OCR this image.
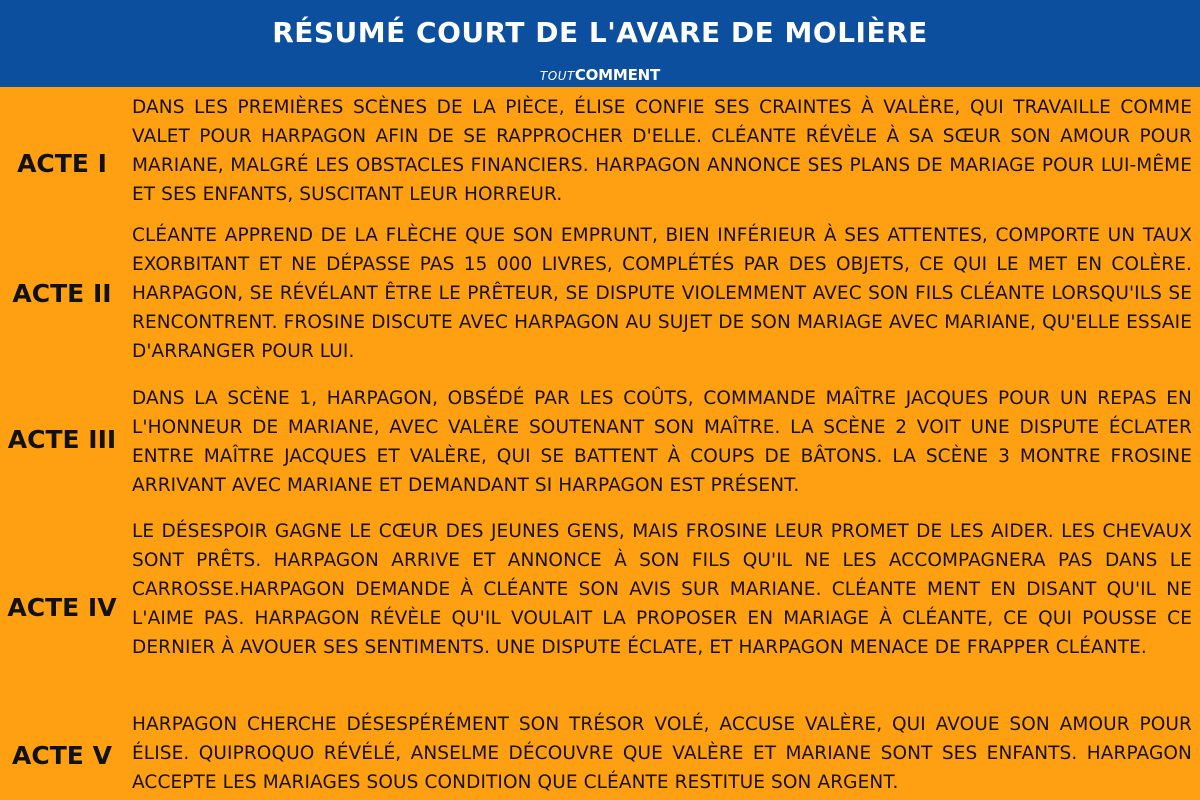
RÉSUMÉ COURT DE L'AVARE DE MOLIÈRE
TOUTCOMMENT
ACTE I

DANS LES PREMIÈRES SCÈNES DE LA PIÈCE, ÉLISE CONFIE SES CRAINTES À VALÈRE, QUI TRAVAILLE COMME VALET POUR HARPAGON AFIN DE SE RAPPROCHER D'ELLE. CLÉANTE RÉVÈLE À SA SŒUR SON AMOUR POUR MARIANE, MALGRÉ LES OBSTACLES FINANCIERS. HARPAGON ANNONCE SES PLANS DE MARIAGE POUR LUI-MÊME ET SES ENFANTS, SUSCITANT LEUR HORREUR.

ACTE II

CLÉANTE APPREND DE LA FLÈCHE QUE SON EMPRUNT, BIEN INFÉRIEUR À SES ATTENTES, COMPORTE UN TAUX EXORBITANT ET NE DÉPASSE PAS 15 000 LIVRES, COMPLÉTÉS PAR DES OBJETS, CE QUI LE MET EN COLÈRE. HARPAGON, SE RÉVÉLANT ÊTRE LE PRÊTEUR, SE DISPUTE VIOLEMMENT AVEC SON FILS CLÉANTE LORSQU'ILS SE RENCONTRENT. FROSINE DISCUTE AVEC HARPAGON AU SUJET DE SON MARIAGE AVEC MARIANE, QU'ELLE ESSAIE D'ARRANGER POUR LUI.

ACTE III

DANS LA SCÈNE 1, HARPAGON, OBSÉDÉ PAR LES COÛTS, COMMANDE MAÎTRE JACQUES POUR UN REPAS EN L'HONNEUR DE MARIANE, AVEC VALÈRE SOUTENANT SON MAÎTRE. LA SCÈNE 2 VOIT UNE DISPUTE ÉCLATER ENTRE MAÎTRE JACQUES ET VALÈRE, QUI SE BATTENT À COUPS DE BÂTONS. LA SCÈNE 3 MONTRE FROSINE ARRIVANT AVEC MARIANE ET DEMANDANT SI HARPAGON EST PRÉSENT.

ACTE IV

LE DÉSESPOIR GAGNE LE CŒUR DES JEUNES GENS, MAIS FROSINE LEUR PROMET DE LES AIDER. LES CHEVAUX SONT PRÊTS. HARPAGON ARRIVE ET ANNONCE À SON FILS QU'IL NE LES ACCOMPAGNERA PAS DANS LE CARROSSE.HARPAGON DEMANDE À CLÉANTE SON AVIS SUR MARIANE. CLÉANTE MENT EN DISANT QU'IL NE L'AIME PAS. HARPAGON RÉVÈLE QU'IL VOULAIT LA PROPOSER EN MARIAGE À CLÉANTE, CE QUI POUSSE CE DERNIER À AVOUER SES SENTIMENTS. UNE DISPUTE ÉCLATE, ET HARPAGON MENACE DE FRAPPER CLÉANTE.

ACTE V

HARPAGON CHERCHE DÉSESPÉRÉMENT SON TRÉSOR VOLÉ, ACCUSE VALÈRE, QUI AVOUE SON AMOUR POUR ÉLISE. QUIPROQUO RÉVÉLÉ, ANSELME DÉCOUVRE QUE VALÈRE ET MARIANE SONT SES ENFANTS. HARPAGON ACCEPTE LES MARIAGES SOUS CONDITION QUE CLÉANTE RESTITUE SON ARGENT.
